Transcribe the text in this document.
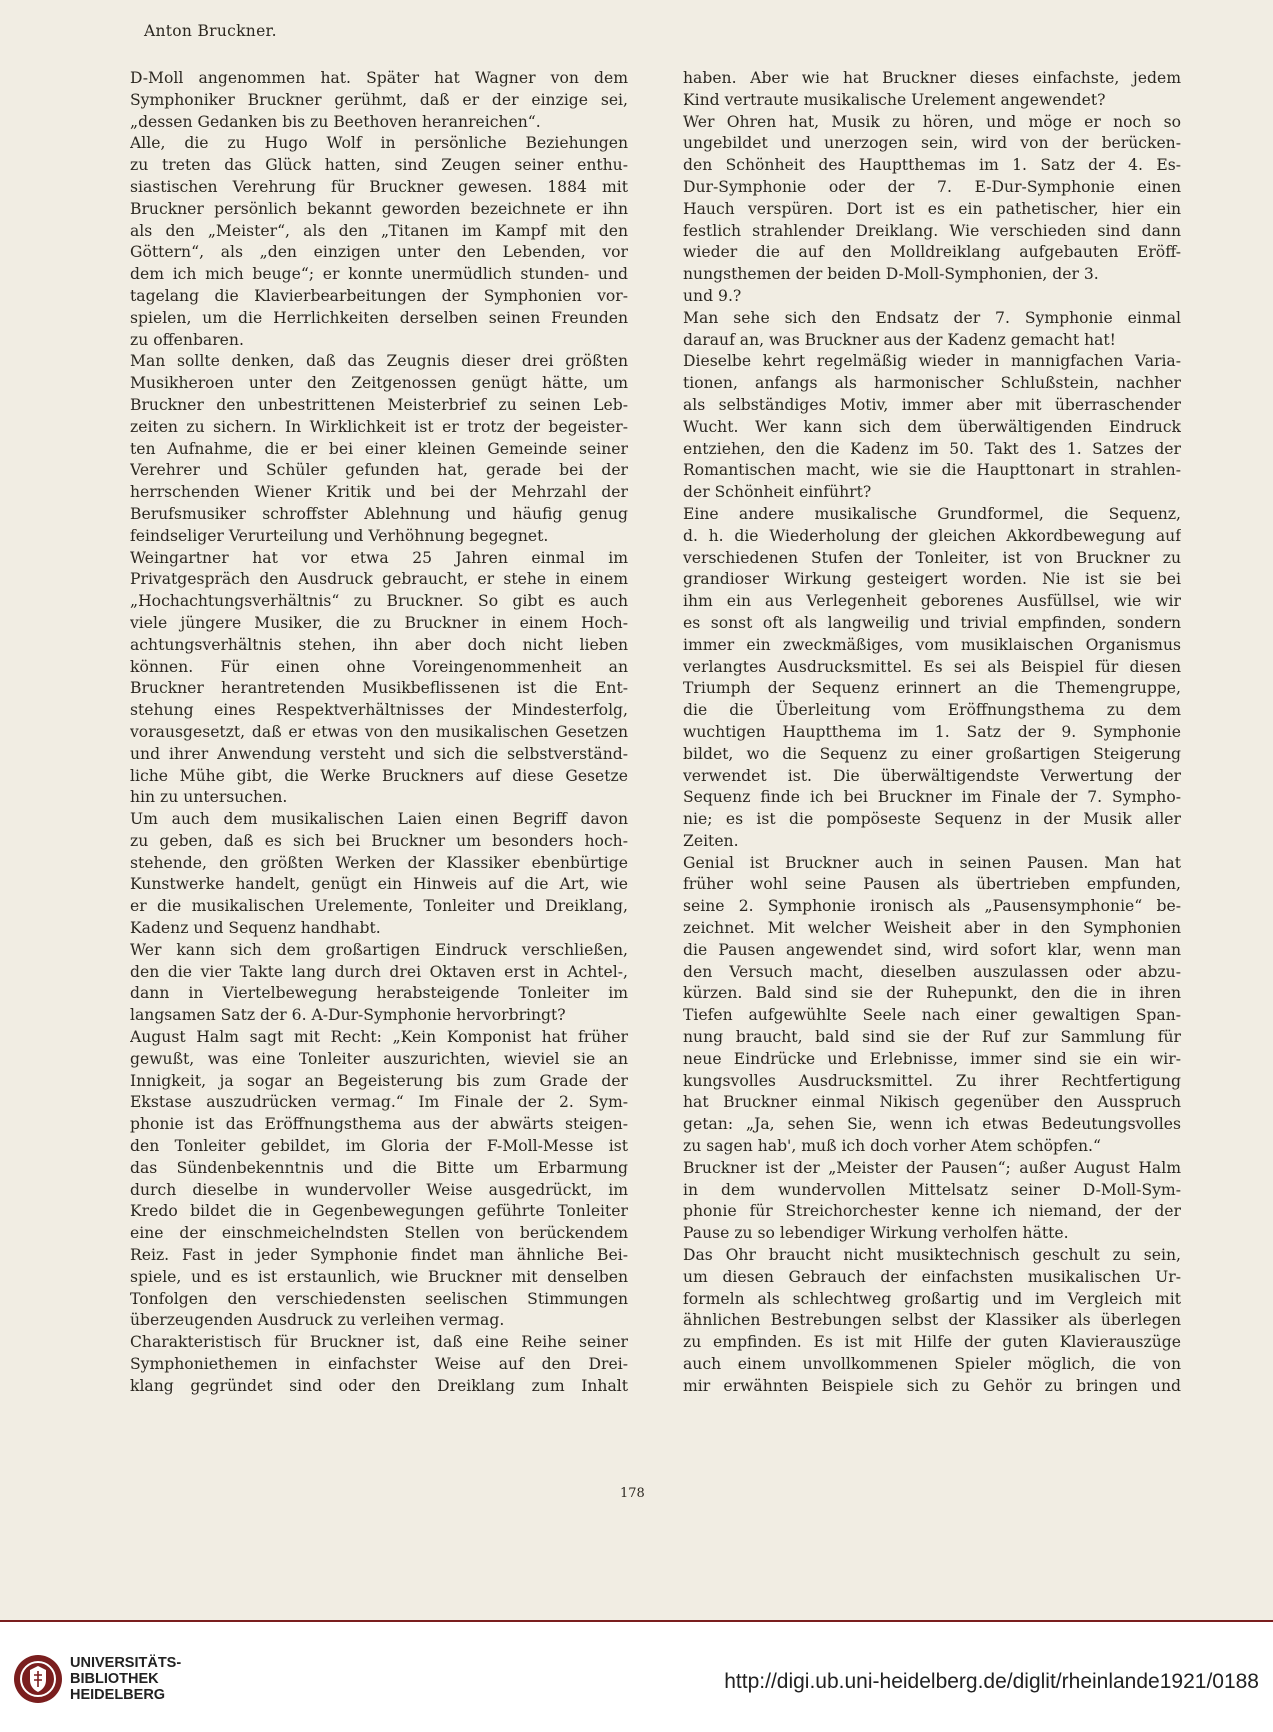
Anton Bruckner.
D-Moll angenommen hat. Später hat Wagner von dem
Symphoniker Bruckner gerühmt, daß er der einzige sei,
„dessen Gedanken bis zu Beethoven heranreichen“.
Alle, die zu Hugo Wolf in persönliche Beziehungen
zu treten das Glück hatten, sind Zeugen seiner enthu-
siastischen Verehrung für Bruckner gewesen. 1884 mit
Bruckner persönlich bekannt geworden bezeichnete er ihn
als den „Meister“, als den „Titanen im Kampf mit den
Göttern“, als „den einzigen unter den Lebenden, vor
dem ich mich beuge“; er konnte unermüdlich stunden- und
tagelang die Klavierbearbeitungen der Symphonien vor-
spielen, um die Herrlichkeiten derselben seinen Freunden
zu offenbaren.
Man sollte denken, daß das Zeugnis dieser drei größten
Musikheroen unter den Zeitgenossen genügt hätte, um
Bruckner den unbestrittenen Meisterbrief zu seinen Leb-
zeiten zu sichern. In Wirklichkeit ist er trotz der begeister-
ten Aufnahme, die er bei einer kleinen Gemeinde seiner
Verehrer und Schüler gefunden hat, gerade bei der
herrschenden Wiener Kritik und bei der Mehrzahl der
Berufsmusiker schroffster Ablehnung und häufig genug
feindseliger Verurteilung und Verhöhnung begegnet.
Weingartner hat vor etwa 25 Jahren einmal im
Privatgespräch den Ausdruck gebraucht, er stehe in einem
„Hochachtungsverhältnis“ zu Bruckner. So gibt es auch
viele jüngere Musiker, die zu Bruckner in einem Hoch-
achtungsverhältnis stehen, ihn aber doch nicht lieben
können. Für einen ohne Voreingenommenheit an
Bruckner herantretenden Musikbeflissenen ist die Ent-
stehung eines Respektverhältnisses der Mindesterfolg,
vorausgesetzt, daß er etwas von den musikalischen Gesetzen
und ihrer Anwendung versteht und sich die selbstverständ-
liche Mühe gibt, die Werke Bruckners auf diese Gesetze
hin zu untersuchen.
Um auch dem musikalischen Laien einen Begriff davon
zu geben, daß es sich bei Bruckner um besonders hoch-
stehende, den größten Werken der Klassiker ebenbürtige
Kunstwerke handelt, genügt ein Hinweis auf die Art, wie
er die musikalischen Urelemente, Tonleiter und Dreiklang,
Kadenz und Sequenz handhabt.
Wer kann sich dem großartigen Eindruck verschließen,
den die vier Takte lang durch drei Oktaven erst in Achtel-,
dann in Viertelbewegung herabsteigende Tonleiter im
langsamen Satz der 6. A-Dur-Symphonie hervorbringt?
August Halm sagt mit Recht: „Kein Komponist hat früher
gewußt, was eine Tonleiter auszurichten, wieviel sie an
Innigkeit, ja sogar an Begeisterung bis zum Grade der
Ekstase auszudrücken vermag.“ Im Finale der 2. Sym-
phonie ist das Eröffnungsthema aus der abwärts steigen-
den Tonleiter gebildet, im Gloria der F-Moll-Messe ist
das Sündenbekenntnis und die Bitte um Erbarmung
durch dieselbe in wundervoller Weise ausgedrückt, im
Kredo bildet die in Gegenbewegungen geführte Tonleiter
eine der einschmeichelndsten Stellen von berückendem
Reiz. Fast in jeder Symphonie findet man ähnliche Bei-
spiele, und es ist erstaunlich, wie Bruckner mit denselben
Tonfolgen den verschiedensten seelischen Stimmungen
überzeugenden Ausdruck zu verleihen vermag.
Charakteristisch für Bruckner ist, daß eine Reihe seiner
Symphoniethemen in einfachster Weise auf den Drei-
klang gegründet sind oder den Dreiklang zum Inhalt
haben. Aber wie hat Bruckner dieses einfachste, jedem
Kind vertraute musikalische Urelement angewendet?
Wer Ohren hat, Musik zu hören, und möge er noch so
ungebildet und unerzogen sein, wird von der berücken-
den Schönheit des Hauptthemas im 1. Satz der 4. Es-
Dur-Symphonie oder der 7. E-Dur-Symphonie einen
Hauch verspüren. Dort ist es ein pathetischer, hier ein
festlich strahlender Dreiklang. Wie verschieden sind dann
wieder die auf den Molldreiklang aufgebauten Eröff-
nungsthemen der beiden D-Moll-Symphonien, der 3.
und 9.?
Man sehe sich den Endsatz der 7. Symphonie einmal
darauf an, was Bruckner aus der Kadenz gemacht hat!
Dieselbe kehrt regelmäßig wieder in mannigfachen Varia-
tionen, anfangs als harmonischer Schlußstein, nachher
als selbständiges Motiv, immer aber mit überraschender
Wucht. Wer kann sich dem überwältigenden Eindruck
entziehen, den die Kadenz im 50. Takt des 1. Satzes der
Romantischen macht, wie sie die Haupttonart in strahlen-
der Schönheit einführt?
Eine andere musikalische Grundformel, die Sequenz,
d. h. die Wiederholung der gleichen Akkordbewegung auf
verschiedenen Stufen der Tonleiter, ist von Bruckner zu
grandioser Wirkung gesteigert worden. Nie ist sie bei
ihm ein aus Verlegenheit geborenes Ausfüllsel, wie wir
es sonst oft als langweilig und trivial empfinden, sondern
immer ein zweckmäßiges, vom musiklaischen Organismus
verlangtes Ausdrucksmittel. Es sei als Beispiel für diesen
Triumph der Sequenz erinnert an die Themengruppe,
die die Überleitung vom Eröffnungsthema zu dem
wuchtigen Hauptthema im 1. Satz der 9. Symphonie
bildet, wo die Sequenz zu einer großartigen Steigerung
verwendet ist. Die überwältigendste Verwertung der
Sequenz finde ich bei Bruckner im Finale der 7. Sympho-
nie; es ist die pompöseste Sequenz in der Musik aller
Zeiten.
Genial ist Bruckner auch in seinen Pausen. Man hat
früher wohl seine Pausen als übertrieben empfunden,
seine 2. Symphonie ironisch als „Pausensymphonie“ be-
zeichnet. Mit welcher Weisheit aber in den Symphonien
die Pausen angewendet sind, wird sofort klar, wenn man
den Versuch macht, dieselben auszulassen oder abzu-
kürzen. Bald sind sie der Ruhepunkt, den die in ihren
Tiefen aufgewühlte Seele nach einer gewaltigen Span-
nung braucht, bald sind sie der Ruf zur Sammlung für
neue Eindrücke und Erlebnisse, immer sind sie ein wir-
kungsvolles Ausdrucksmittel. Zu ihrer Rechtfertigung
hat Bruckner einmal Nikisch gegenüber den Ausspruch
getan: „Ja, sehen Sie, wenn ich etwas Bedeutungsvolles
zu sagen hab', muß ich doch vorher Atem schöpfen.“
Bruckner ist der „Meister der Pausen“; außer August Halm
in dem wundervollen Mittelsatz seiner D-Moll-Sym-
phonie für Streichorchester kenne ich niemand, der der
Pause zu so lebendiger Wirkung verholfen hätte.
Das Ohr braucht nicht musiktechnisch geschult zu sein,
um diesen Gebrauch der einfachsten musikalischen Ur-
formeln als schlechtweg großartig und im Vergleich mit
ähnlichen Bestrebungen selbst der Klassiker als überlegen
zu empfinden. Es ist mit Hilfe der guten Klavierauszüge
auch einem unvollkommenen Spieler möglich, die von
mir erwähnten Beispiele sich zu Gehör zu bringen und
178
UNIVERSITÄTS-
BIBLIOTHEK
HEIDELBERG
http://digi.ub.uni-heidelberg.de/diglit/rheinlande1921/0188
